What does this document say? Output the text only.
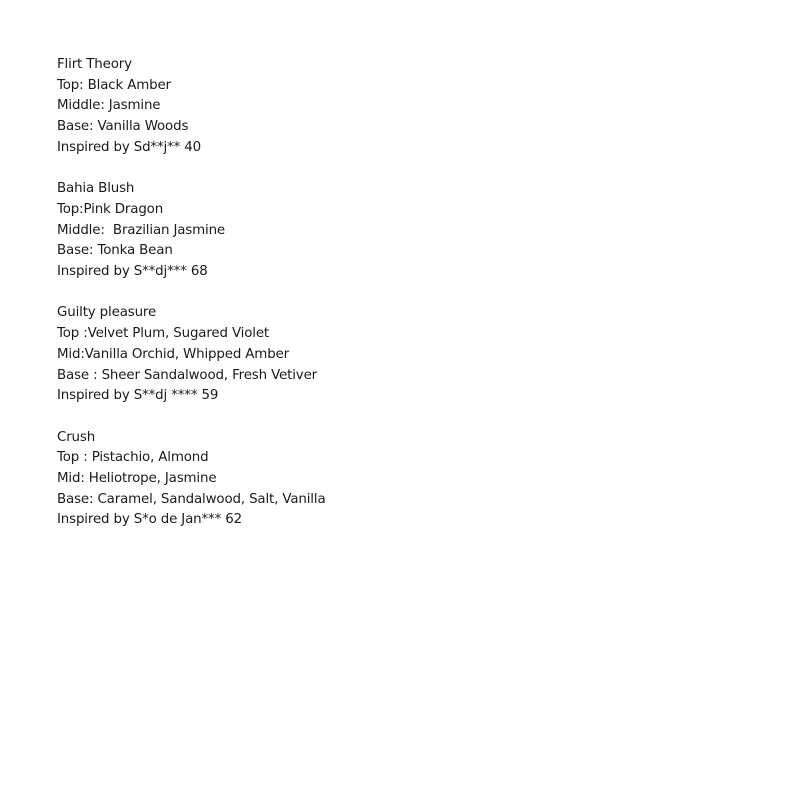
Flirt Theory
Top: Black Amber
Middle: Jasmine
Base: Vanilla Woods
Inspired by Sd**j** 40
Bahia Blush
Top:Pink Dragon
Middle:  Brazilian Jasmine
Base: Tonka Bean
Inspired by S**dj*** 68
Guilty pleasure
Top :Velvet Plum, Sugared Violet
Mid:Vanilla Orchid, Whipped Amber
Base : Sheer Sandalwood, Fresh Vetiver
Inspired by S**dj **** 59
Crush
Top : Pistachio, Almond
Mid: Heliotrope, Jasmine
Base: Caramel, Sandalwood, Salt, Vanilla
Inspired by S*o de Jan*** 62
